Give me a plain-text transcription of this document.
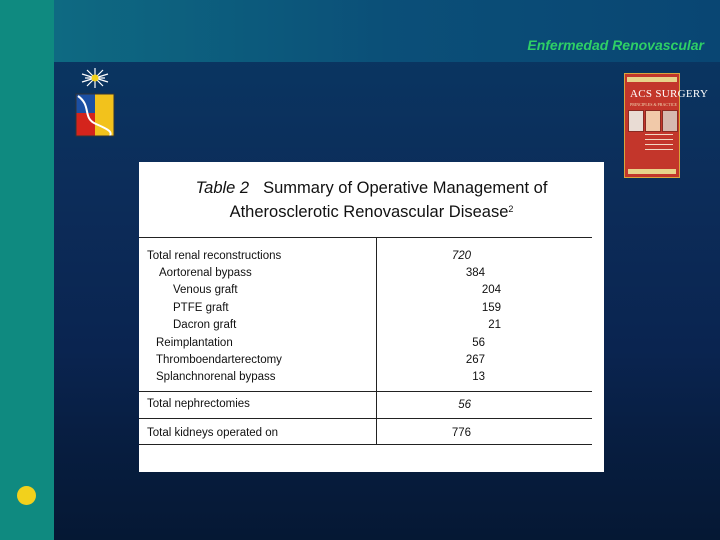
Enfermedad Renovascular
ACS SURGERY
PRINCIPLES & PRACTICE
Table 2 Summary of Operative Management of
Atherosclerotic Renovascular Disease$^2$
Total renal reconstructions	720
Aortorenal bypass	384
Venous graft	204
PTFE graft	159
Dacron graft	21
Reimplantation	56
Thromboendarterectomy	267
Splanchnorenal bypass	13
Total nephrectomies	56
Total kidneys operated on	776
